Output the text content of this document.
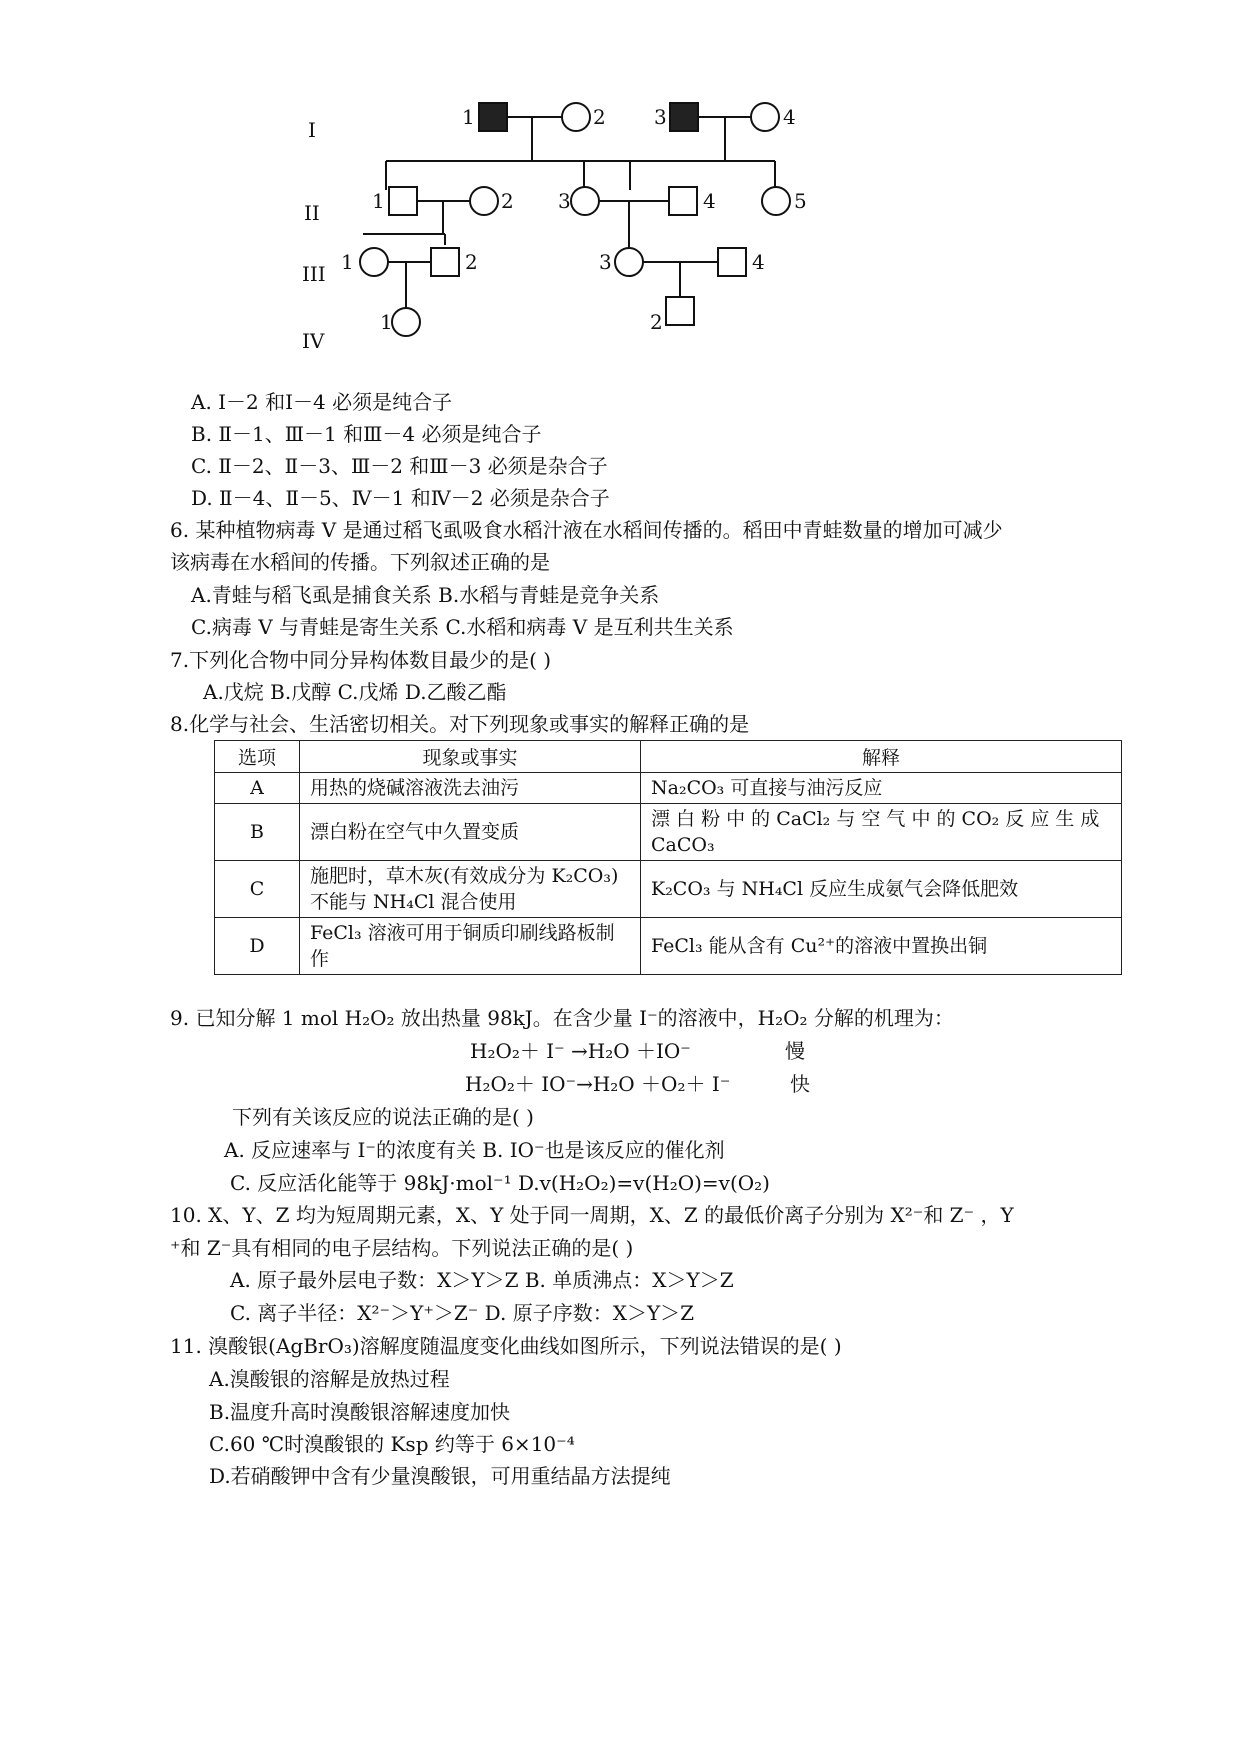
I
II
III
IV
1	2 3	4
1	2 3	4	5
1	2	3	4
1	2
A. Ⅰ－2 和Ⅰ－4 必须是纯合子
B. Ⅱ－1、Ⅲ－1 和Ⅲ－4 必须是纯合子
C. Ⅱ－2、Ⅱ－3、Ⅲ－2 和Ⅲ－3 必须是杂合子
D. Ⅱ－4、Ⅱ－5、Ⅳ－1 和Ⅳ－2 必须是杂合子
6. 某种植物病毒 V 是通过稻飞虱吸食水稻汁液在水稻间传播的。稻田中青蛙数量的增加可减少
该病毒在水稻间的传播。下列叙述正确的是
A.青蛙与稻飞虱是捕食关系 B.水稻与青蛙是竞争关系
C.病毒 V 与青蛙是寄生关系 C.水稻和病毒 V 是互利共生关系
7.下列化合物中同分异构体数目最少的是( )
A.戊烷 B.戊醇 C.戊烯 D.乙酸乙酯
8.化学与社会、生活密切相关。对下列现象或事实的解释正确的是
选项	现象或事实	解释
A	用热的烧碱溶液洗去油污	Na₂CO₃ 可直接与油污反应
B	漂白粉在空气中久置变质	漂 白 粉 中 的 CaCl₂ 与 空 气 中 的 CO₂ 反 应 生 成
CaCO₃

C	施肥时，草木灰(有效成分为 K₂CO₃)
不能与 NH₄Cl 混合使用	K₂CO₃ 与 NH₄Cl 反应生成氨气会降低肥效
D	FeCl₃ 溶液可用于铜质印刷线路板制
作	FeCl₃ 能从含有 Cu²⁺的溶液中置换出铜
9. 已知分解 1 mol H₂O₂ 放出热量 98kJ。在含少量 I⁻的溶液中，H₂O₂ 分解的机理为：
H₂O₂＋ I⁻ →H₂O ＋IO⁻	慢
H₂O₂＋ IO⁻→H₂O ＋O₂＋ I⁻	快
下列有关该反应的说法正确的是( )
A. 反应速率与 I⁻的浓度有关 B. IO⁻也是该反应的催化剂
C. 反应活化能等于 98kJ·mol⁻¹ D.v(H₂O₂)=v(H₂O)=v(O₂)
10. X、Y、Z 均为短周期元素，X、Y 处于同一周期，X、Z 的最低价离子分别为 X²⁻和 Z⁻ ，Y
⁺和 Z⁻具有相同的电子层结构。下列说法正确的是( )
A. 原子最外层电子数：X＞Y＞Z B. 单质沸点：X＞Y＞Z
C. 离子半径：X²⁻＞Y⁺＞Z⁻ D. 原子序数：X＞Y＞Z
11. 溴酸银(AgBrO₃)溶解度随温度变化曲线如图所示，下列说法错误的是( )
A.溴酸银的溶解是放热过程
B.温度升高时溴酸银溶解速度加快
C.60 ℃时溴酸银的 Ksp 约等于 6×10⁻⁴
D.若硝酸钾中含有少量溴酸银，可用重结晶方法提纯
